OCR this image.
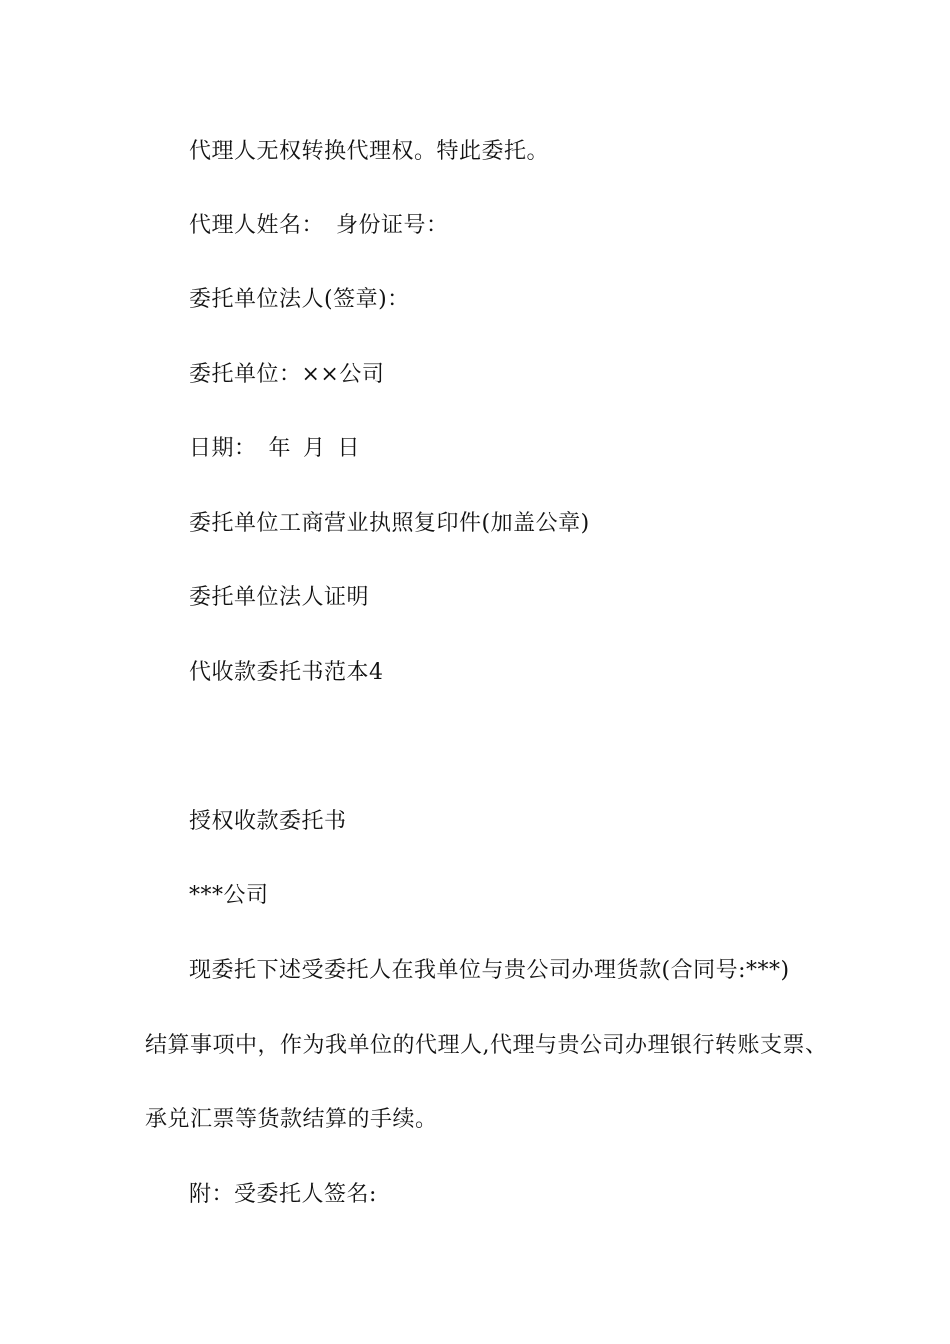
代理人无权转换代理权。特此委托。
代理人姓名： 身份证号：
委托单位法人(签章)：
委托单位：××公司
日期： 年 月 日
委托单位工商营业执照复印件(加盖公章)
委托单位法人证明
代收款委托书范本4
授权收款委托书
***公司
现委托下述受委托人在我单位与贵公司办理货款(合同号:***)
结算事项中，作为我单位的代理人,代理与贵公司办理银行转账支票、
承兑汇票等货款结算的手续。
附：受委托人签名:
